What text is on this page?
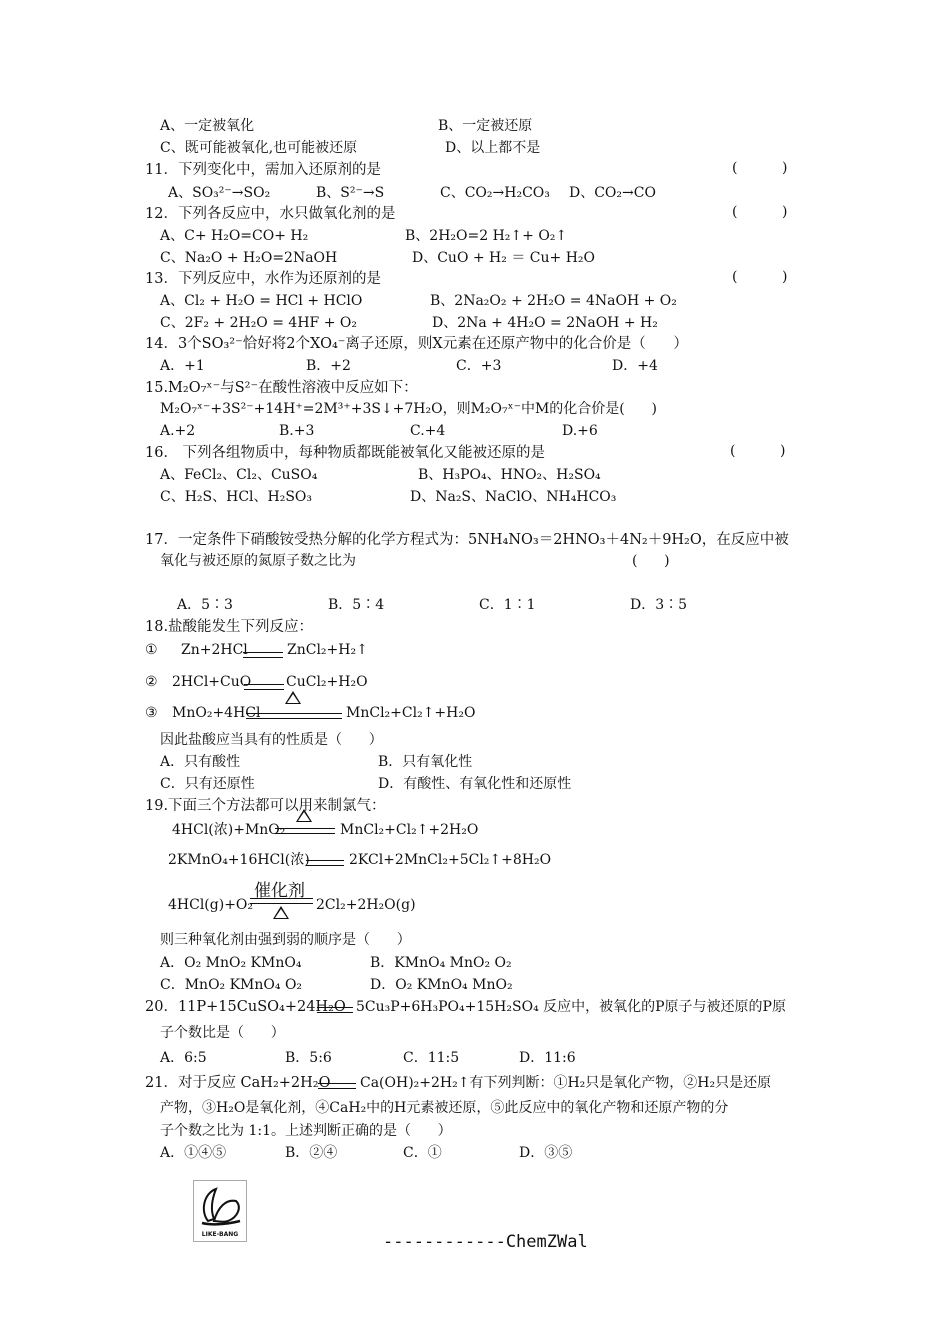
A、一定被氧化	B、一定被还原
C、既可能被氧化,也可能被还原	D、以上都不是
11．下列变化中，需加入还原剂的是	(          )
A、SO₃²⁻→SO₂	B、S²⁻→S	C、CO₂→H₂CO₃ D、CO₂→CO
12．下列各反应中，水只做氧化剂的是	(          )
A、C+ H₂O=CO+ H₂	B、2H₂O=2 H₂↑+ O₂↑
C、Na₂O + H₂O=2NaOH	D、CuO + H₂ ＝ Cu+ H₂O
13．下列反应中，水作为还原剂的是	(          )
A、Cl₂ + H₂O = HCl + HClO	B、2Na₂O₂ + 2H₂O = 4NaOH + O₂
C、2F₂ + 2H₂O = 4HF + O₂	D、2Na + 4H₂O = 2NaOH + H₂
14．3个SO₃²⁻恰好将2个XO₄⁻离子还原，则X元素在还原产物中的化合价是（      ）
A．+1	B．+2	C．+3	D．+4
15.M₂O₇ˣ⁻与S²⁻在酸性溶液中反应如下：
M₂O₇ˣ⁻+3S²⁻+14H⁺=2M³⁺+3S↓+7H₂O，则M₂O₇ˣ⁻中M的化合价是(      )
A.+2	B.+3	C.+4	D.+6
16． 下列各组物质中，每种物质都既能被氧化又能被还原的是	(          )
A、FeCl₂、Cl₂、CuSO₄	B、H₃PO₄、HNO₂、H₂SO₄
C、H₂S、HCl、H₂SO₃	D、Na₂S、NaClO、NH₄HCO₃
17．一定条件下硝酸铵受热分解的化学方程式为：5NH₄NO₃＝2HNO₃＋4N₂＋9H₂O，在反应中被
氧化与被还原的氮原子数之比为	(      )
A．5∶3	B．5∶4	C．1∶1	D．3∶5
18.盐酸能发生下列反应：
① Zn+2HCl	ZnCl₂+H₂↑
② 2HCl+CuO CuCl₂+H₂O
③ MnO₂+4HCl	MnCl₂+Cl₂↑+H₂O
因此盐酸应当具有的性质是（      ）
A．只有酸性	B．只有氧化性
C．只有还原性	D．有酸性、有氧化性和还原性
19.下面三个方法都可以用来制氯气：
4HCl(浓)+MnO₂	MnCl₂+Cl₂↑+2H₂O
2KMnO₄+16HCl(浓)	2KCl+2MnCl₂+5Cl₂↑+8H₂O
催化剂
4HCl(g)+O₂	2Cl₂+2H₂O(g)
则三种氧化剂由强到弱的顺序是（      ）
A．O₂ MnO₂ KMnO₄	B．KMnO₄ MnO₂ O₂
C．MnO₂ KMnO₄ O₂	D．O₂ KMnO₄ MnO₂
20．11P+15CuSO₄+24H₂O 5Cu₃P+6H₃PO₄+15H₂SO₄ 反应中，被氧化的P原子与被还原的P原
子个数比是（      ）
A．6:5	B．5:6	C．11:5	D．11:6
21．对于反应 CaH₂+2H₂O Ca(OH)₂+2H₂↑有下列判断：①H₂只是氧化产物，②H₂只是还原
产物，③H₂O是氧化剂，④CaH₂中的H元素被还原，⑤此反应中的氧化产物和还原产物的分
子个数之比为 1:1。上述判断正确的是（      ）
A．①④⑤	B．②④	C．①	D．③⑤
LIKE-BANG	------------ChemZWal
